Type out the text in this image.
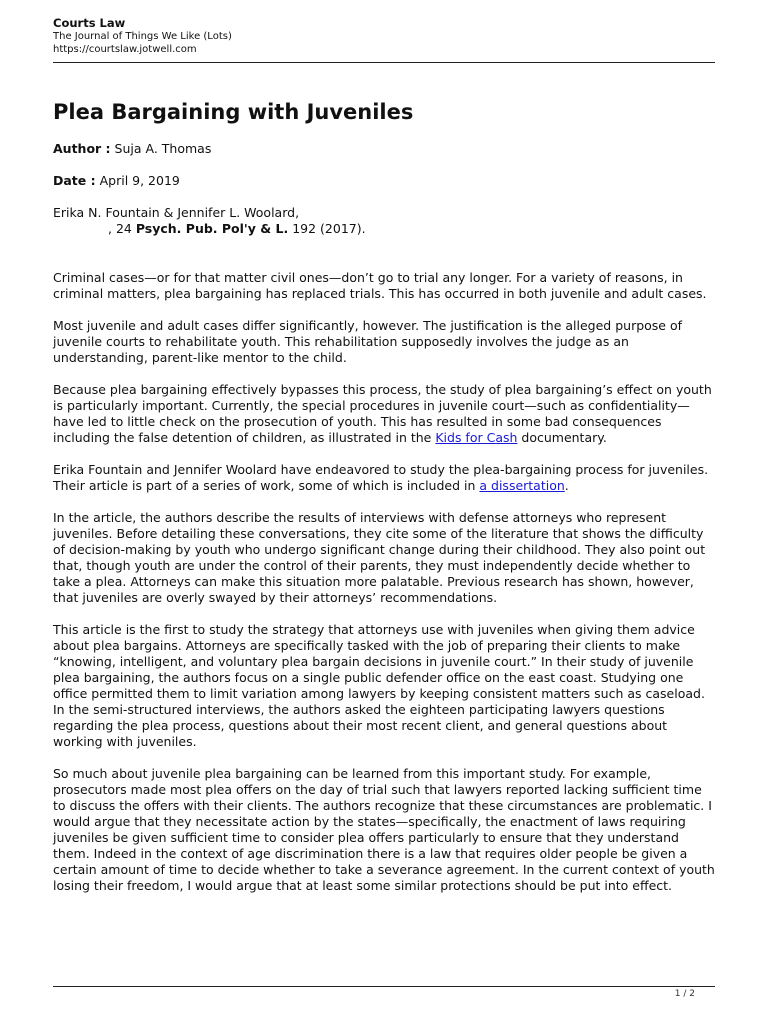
Courts Law
The Journal of Things We Like (Lots)
https://courtslaw.jotwell.com
Plea Bargaining with Juveniles
Author : Suja A. Thomas
Date : April 9, 2019
Erika N. Fountain & Jennifer L. Woolard,   , 24 Psych. Pub. Pol'y & L. 192 (2017).

Criminal cases—or for that matter civil ones—don’t go to trial any longer. For a variety of reasons, in criminal matters, plea bargaining has replaced trials. This has occurred in both juvenile and adult cases.

Most juvenile and adult cases differ significantly, however. The justification is the alleged purpose of juvenile courts to rehabilitate youth. This rehabilitation supposedly involves the judge as an understanding, parent-like mentor to the child.

Because plea bargaining effectively bypasses this process, the study of plea bargaining’s effect on youth is particularly important. Currently, the special procedures in juvenile court—such as confidentiality—have led to little check on the prosecution of youth. This has resulted in some bad consequences including the false detention of children, as illustrated in the Kids for Cash documentary.

Erika Fountain and Jennifer Woolard have endeavored to study the plea-bargaining process for juveniles. Their article is part of a series of work, some of which is included in a dissertation.

In the article, the authors describe the results of interviews with defense attorneys who represent juveniles. Before detailing these conversations, they cite some of the literature that shows the difficulty of decision-making by youth who undergo significant change during their childhood. They also point out that, though youth are under the control of their parents, they must independently decide whether to take a plea. Attorneys can make this situation more palatable. Previous research has shown, however, that juveniles are overly swayed by their attorneys’ recommendations.

This article is the first to study the strategy that attorneys use with juveniles when giving them advice about plea bargains. Attorneys are specifically tasked with the job of preparing their clients to make “knowing, intelligent, and voluntary plea bargain decisions in juvenile court.” In their study of juvenile plea bargaining, the authors focus on a single public defender office on the east coast. Studying one office permitted them to limit variation among lawyers by keeping consistent matters such as caseload. In the semi-structured interviews, the authors asked the eighteen participating lawyers questions regarding the plea process, questions about their most recent client, and general questions about working with juveniles.

So much about juvenile plea bargaining can be learned from this important study. For example, prosecutors made most plea offers on the day of trial such that lawyers reported lacking sufficient time to discuss the offers with their clients. The authors recognize that these circumstances are problematic. I would argue that they necessitate action by the states—specifically, the enactment of laws requiring juveniles be given sufficient time to consider plea offers particularly to ensure that they understand them. Indeed in the context of age discrimination there is a law that requires older people be given a certain amount of time to decide whether to take a severance agreement. In the current context of youth losing their freedom, I would argue that at least some similar protections should be put into effect.

1 / 2
